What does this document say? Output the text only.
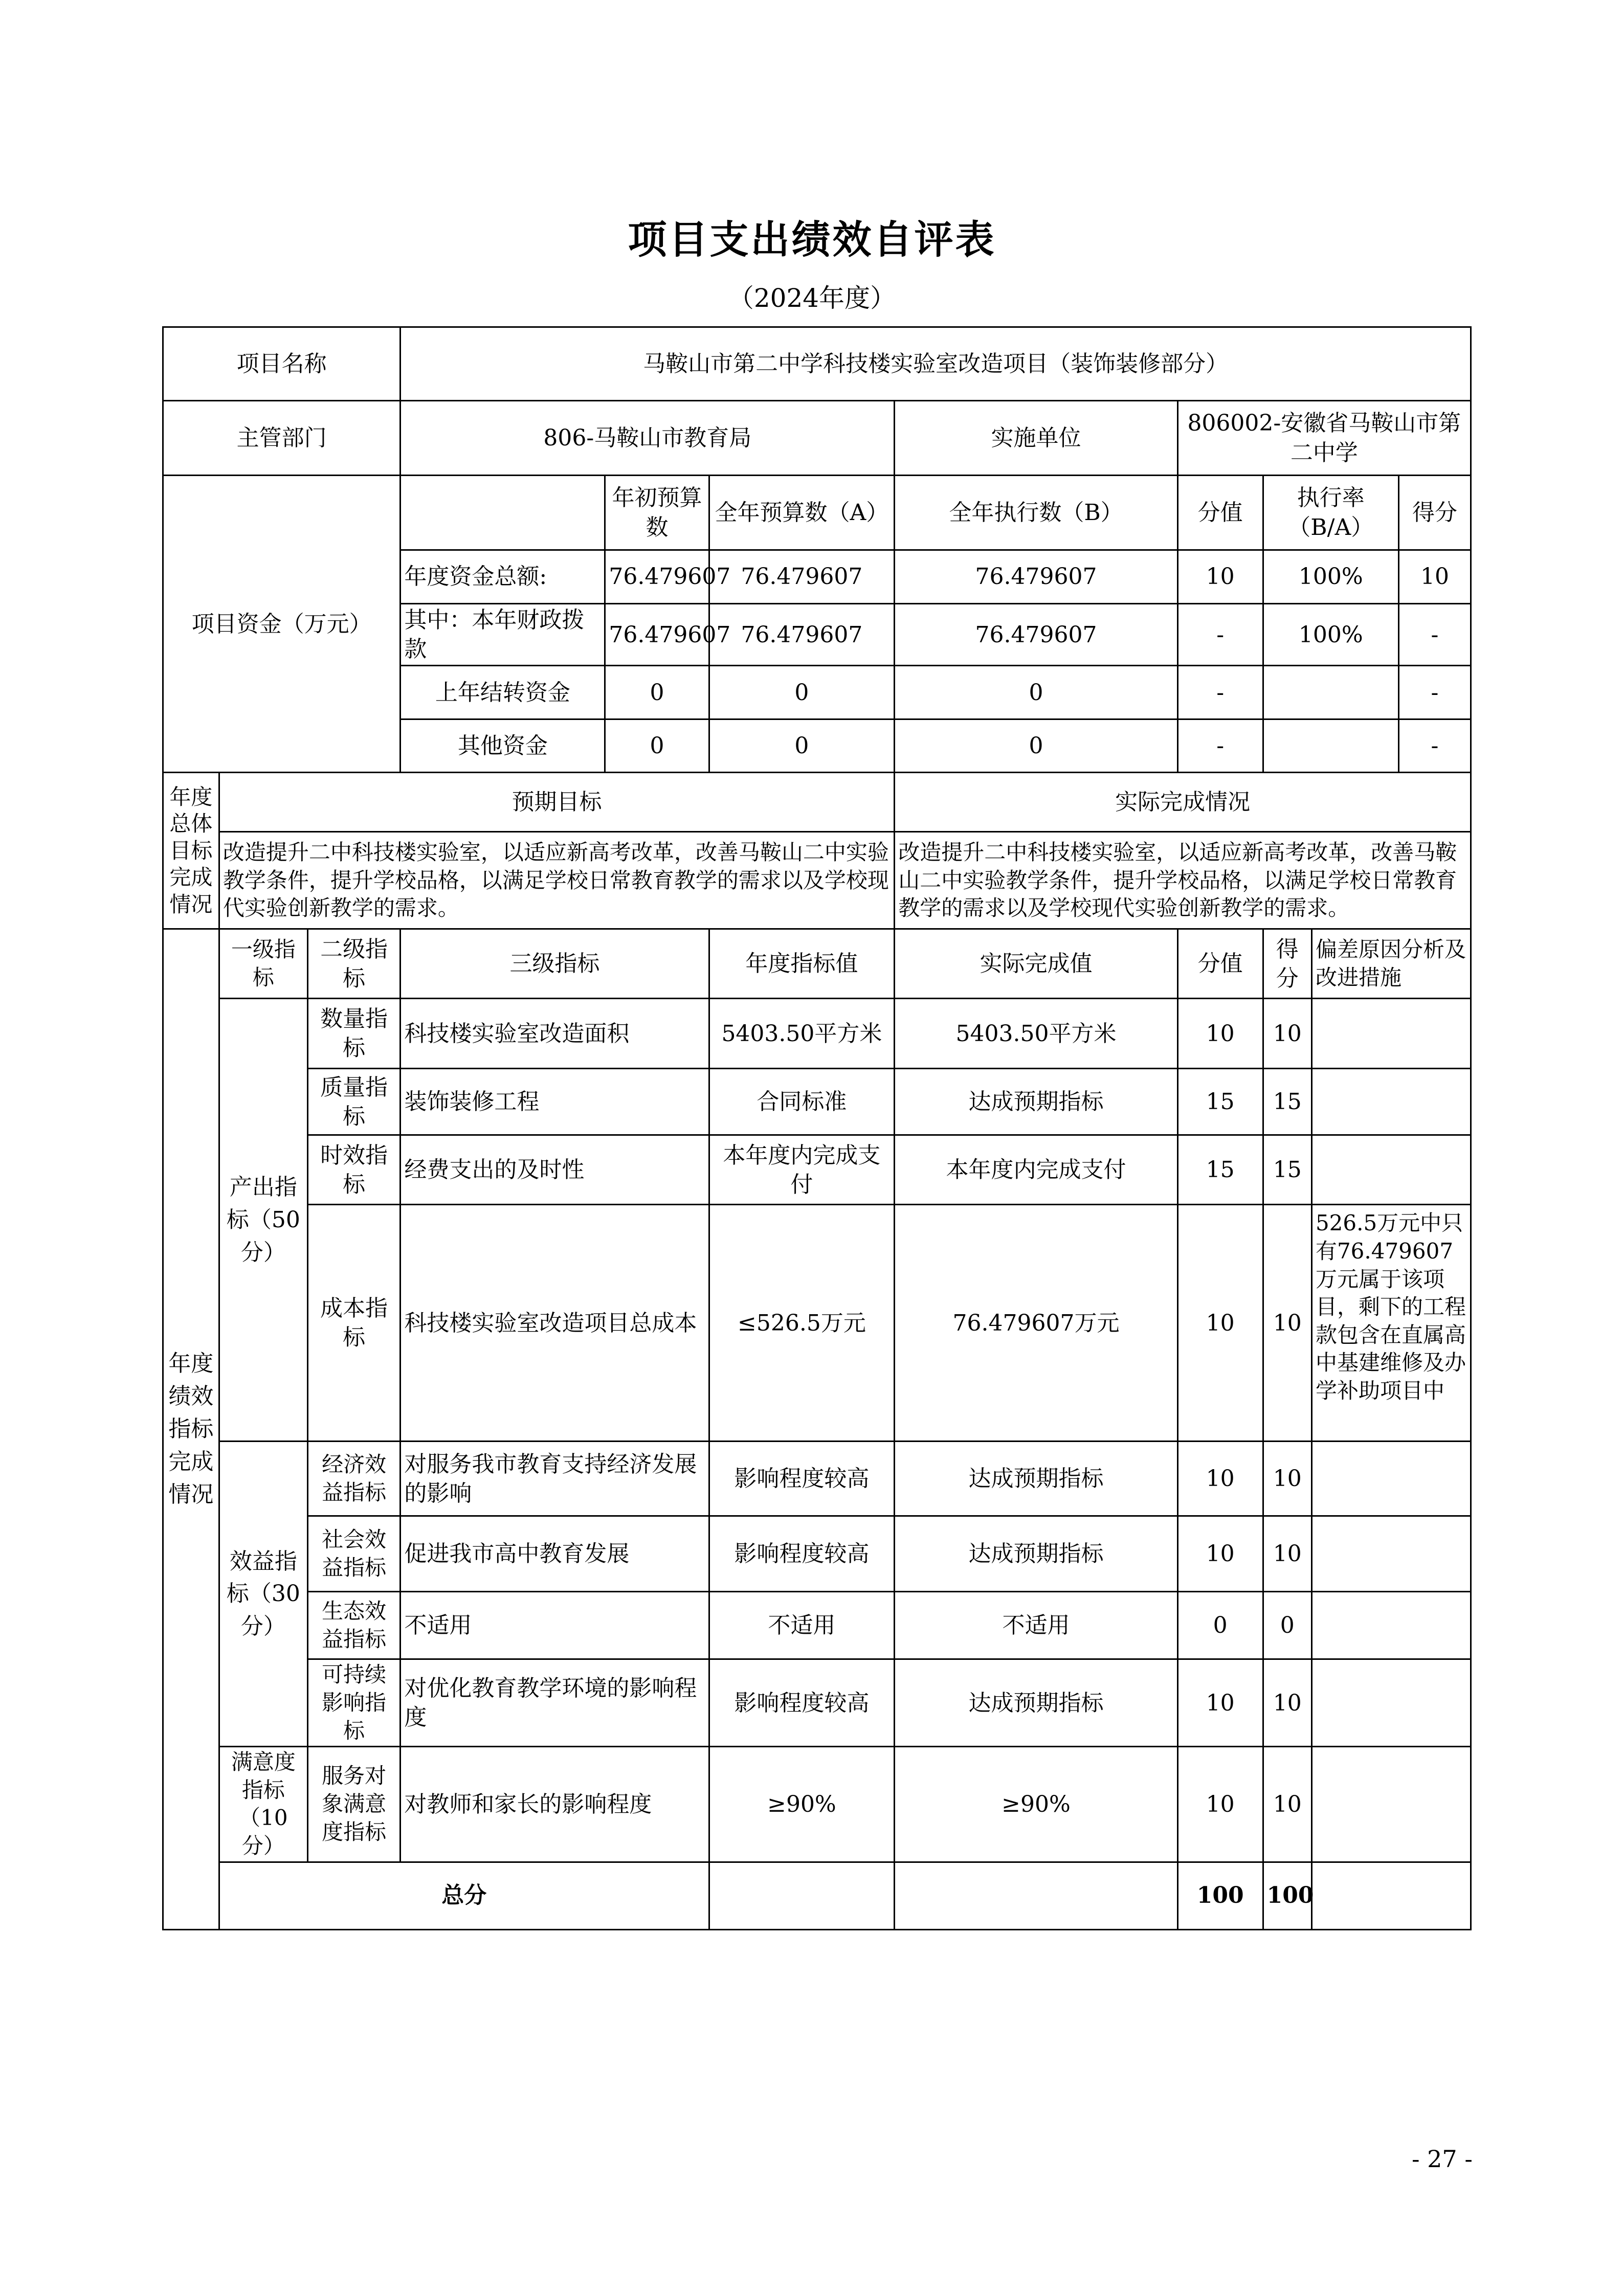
项目支出绩效自评表
（2024年度）
项目名称			马鞍山市第二中学科技楼实验室改造项目（装饰装修部分）							
主管部门			806-马鞍山市教育局			实施单位	806002-安徽省马鞍山市第二中学			
项目资金（万元）				年初预算数	全年预算数（A）	全年执行数（B）	分值	执行率（B/A）		得分
			年度资金总额:	76.479607	76.479607	76.479607	10	100%		10
			其中：本年财政拨款	76.479607	76.479607	76.479607	-	100%		-
			上年结转资金	0	0	0	-			-
			其他资金	0	0	0	-			-
年度总体目标完成情况	预期目标					实际完成情况				
	改造提升二中科技楼实验室，以适应新高考改革，改善马鞍山二中实验教学条件，提升学校品格，以满足学校日常教育教学的需求以及学校现代实验创新教学的需求。					改造提升二中科技楼实验室，以适应新高考改革，改善马鞍山二中实验教学条件，提升学校品格，以满足学校日常教育教学的需求以及学校现代实验创新教学的需求。				
年度绩效指标完成情况	一级指标	二级指标	三级指标		年度指标值	实际完成值	分值	得分	偏差原因分析及改进措施	
	产出指标（50分）	数量指标	科技楼实验室改造面积		5403.50平方米	5403.50平方米	10	10		
		质量指标	装饰装修工程		合同标准	达成预期指标	15	15		
		时效指标	经费支出的及时性		本年度内完成支付	本年度内完成支付	15	15		
		成本指标	科技楼实验室改造项目总成本		≤526.5万元	76.479607万元	10	10	526.5万元中只有76.479607万元属于该项目，剩下的工程款包含在直属高中基建维修及办学补助项目中	
	效益指标（30分）	经济效益指标	对服务我市教育支持经济发展的影响		影响程度较高	达成预期指标	10	10		
		社会效益指标	促进我市高中教育发展		影响程度较高	达成预期指标	10	10		
		生态效益指标	不适用		不适用	不适用	0	0		
		可持续影响指标	对优化教育教学环境的影响程度		影响程度较高	达成预期指标	10	10		
	满意度指标（10分）	服务对象满意度指标	对教师和家长的影响程度		≥90%	≥90%	10	10		
	总分						100	100		
- 27 -
